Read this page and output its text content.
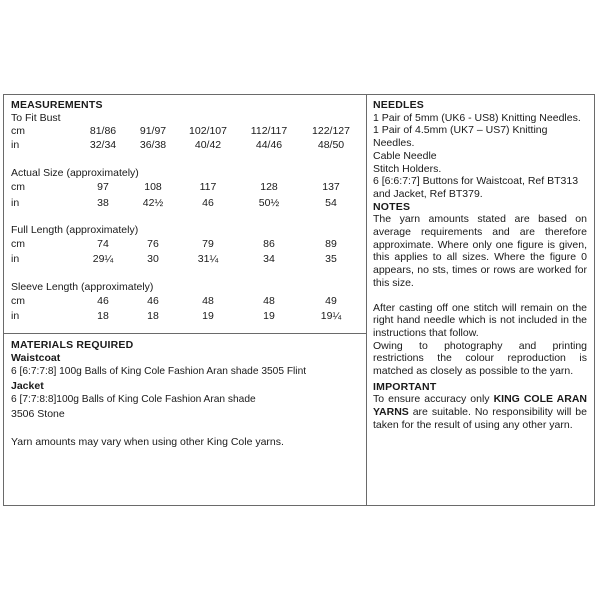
MEASUREMENTS
To Fit Bust
cm	81/86	91/97	102/107	112/117	122/127
in	32/34	36/38	40/42	44/46	48/50
Actual Size (approximately)
cm	97	108	117	128	137
in	38	42½	46	50½	54
Full Length (approximately)
cm	74	76	79	86	89
in	29¼	30	31¼	34	35
Sleeve Length (approximately)
cm	46	46	48	48	49
in	18	18	19	19	19¼
MATERIALS REQUIRED
Waistcoat
6 [6:7:7:8] 100g Balls of King Cole Fashion Aran shade 3505 Flint
Jacket
6 [7:7:8:8]100g Balls of King Cole Fashion Aran shade
3506 Stone
Yarn amounts may vary when using other King Cole yarns.

NEEDLES

1 Pair of 5mm (UK6 - US8) Knitting Needles.

1 Pair of 4.5mm (UK7 – US7) Knitting Needles.

Cable Needle

Stitch Holders.

6 [6:6:7:7] Buttons for Waistcoat, Ref BT313 and Jacket, Ref BT379.

NOTES

The yarn amounts stated are based on average requirements and are therefore approximate. Where only one figure is given, this applies to all sizes. Where the figure 0 appears, no sts, times or rows are worked for this size.

After casting off one stitch will remain on the right hand needle which is not included in the instructions that follow.

Owing to photography and printing restrictions the colour reproduction is matched as closely as possible to the yarn.

IMPORTANT

To ensure accuracy only KING COLE ARAN YARNS are suitable. No responsibility will be taken for the result of using any other yarn.
